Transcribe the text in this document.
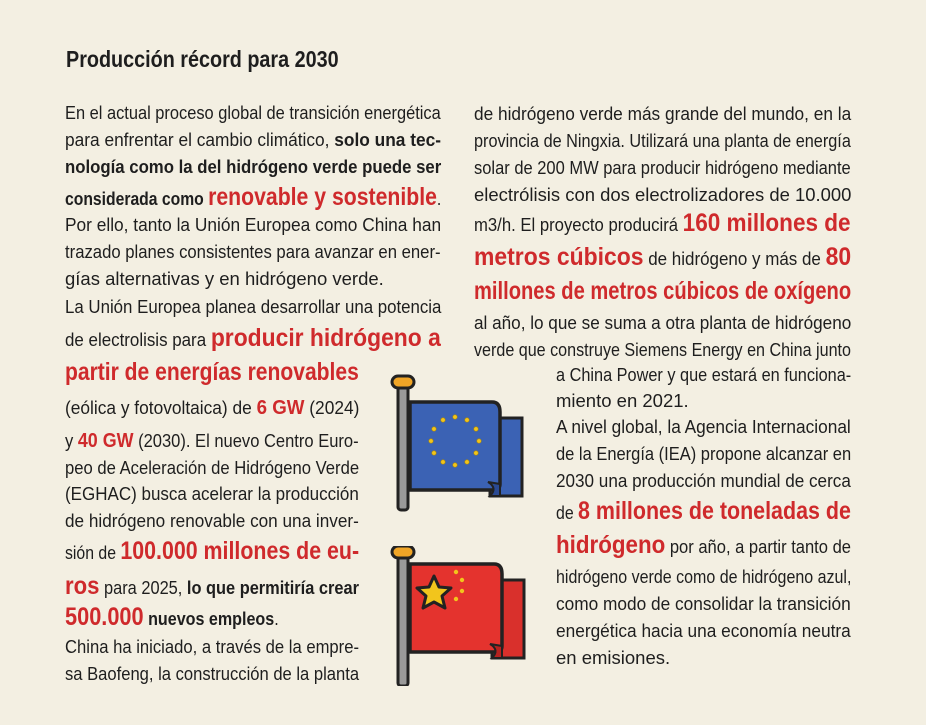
Producción récord para 2030
En el actual proceso global de transición energética
para enfrentar el cambio climático, solo una tec-
nología como la del hidrógeno verde puede ser
considerada como renovable y sostenible.
Por ello, tanto la Unión Europea como China han
trazado planes consistentes para avanzar en ener-
gías alternativas y en hidrógeno verde.
La Unión Europea planea desarrollar una potencia
de electrolisis para producir hidrógeno a
partir de energías renovables
(eólica y fotovoltaica) de 6 GW (2024)
y 40 GW (2030). El nuevo Centro Euro-
peo de Aceleración de Hidrógeno Verde
(EGHAC) busca acelerar la producción
de hidrógeno renovable con una inver-
sión de 100.000 millones de eu-
ros para 2025, lo que permitiría crear
500.000 nuevos empleos.
China ha iniciado, a través de la empre-
sa Baofeng, la construcción de la planta
de hidrógeno verde más grande del mundo, en la
provincia de Ningxia. Utilizará una planta de energía
solar de 200 MW para producir hidrógeno mediante
electrólisis con dos electrolizadores de 10.000
m3/h. El proyecto producirá 160 millones de
metros cúbicos de hidrógeno y más de 80
millones de metros cúbicos de oxígeno
al año, lo que se suma a otra planta de hidrógeno
verde que construye Siemens Energy en China junto
a China Power y que estará en funciona-
miento en 2021.
A nivel global, la Agencia Internacional
de la Energía (IEA) propone alcanzar en
2030 una producción mundial de cerca
de 8 millones de toneladas de
hidrógeno por año, a partir tanto de
hidrógeno verde como de hidrógeno azul,
como modo de consolidar la transición
energética hacia una economía neutra
en emisiones.
